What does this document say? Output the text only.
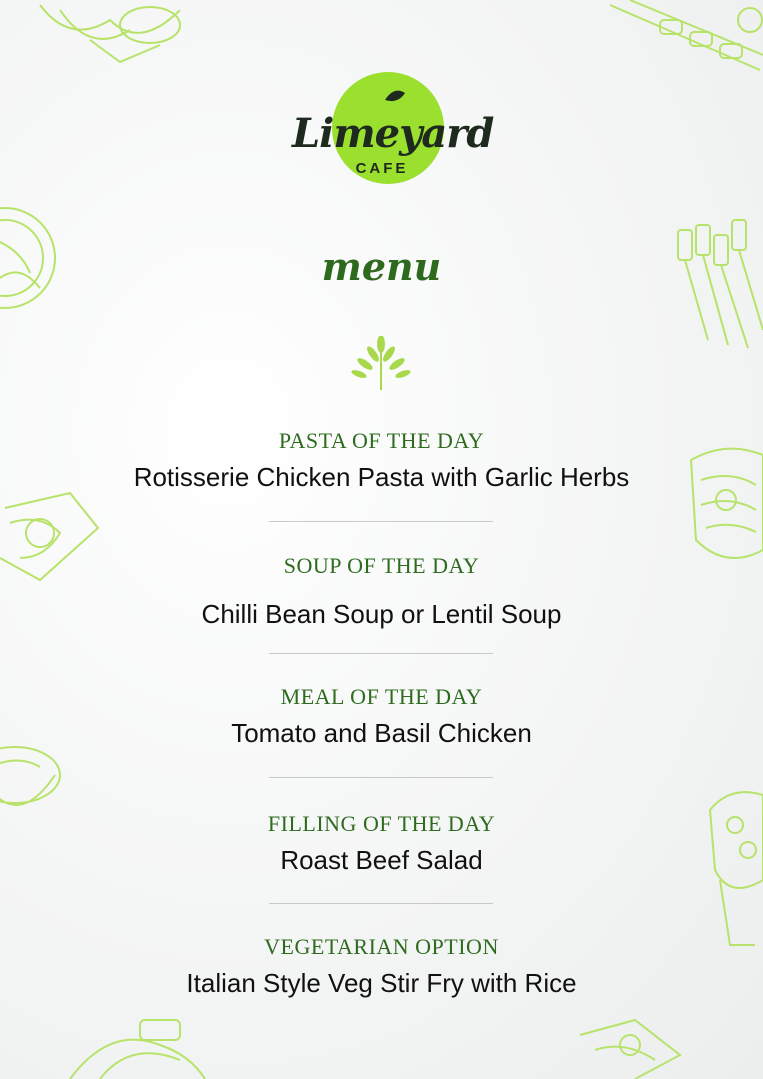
Limeyard
CAFE
menu
PASTA OF THE DAY
Rotisserie Chicken Pasta with Garlic Herbs
SOUP OF THE DAY
Chilli Bean Soup or Lentil Soup
MEAL OF THE DAY
Tomato and Basil Chicken
FILLING OF THE DAY
Roast Beef Salad
VEGETARIAN OPTION
Italian Style Veg Stir Fry with Rice
